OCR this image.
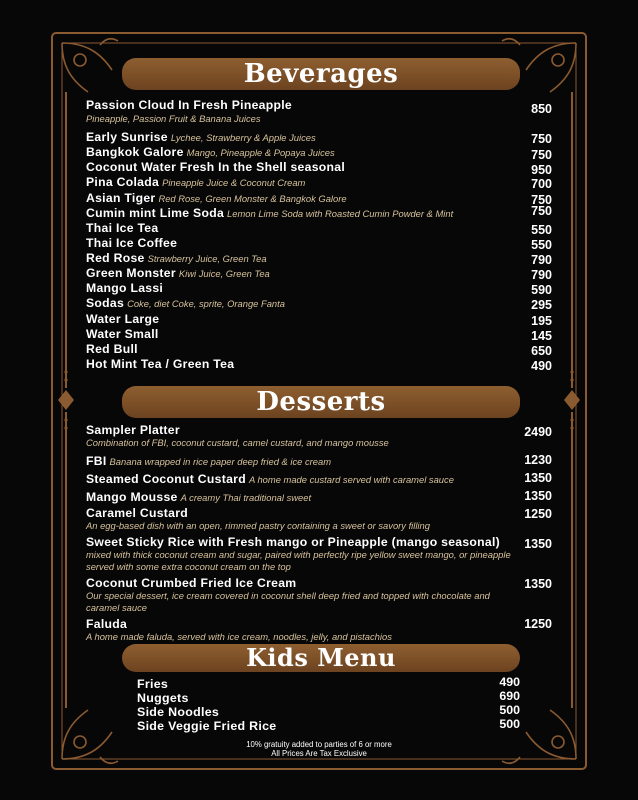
Beverages
Passion Cloud In Fresh Pineapple
Pineapple, Passion Fruit & Banana Juices
850
Early Sunrise Lychee, Strawberry & Apple Juices	750
Bangkok Galore Mango, Pineapple & Popaya Juices	750
Coconut Water Fresh In the Shell seasonal	950
Pina Colada Pineapple Juice & Coconut Cream	700
Asian Tiger Red Rose, Green Monster & Bangkok Galore	750
Cumin mint Lime Soda Lemon Lime Soda with Roasted Cumin Powder & Mint	750
Thai Ice Tea	550
Thai Ice Coffee	550
Red Rose Strawberry Juice, Green Tea	790
Green Monster Kiwi Juice, Green Tea	790
Mango Lassi	590
Sodas Coke, diet Coke, sprite, Orange Fanta	295
Water Large	195
Water Small	145
Red Bull	650
Hot Mint Tea / Green Tea	490
Desserts
Sampler Platter
Combination of FBI, coconut custard, camel custard, and mango mousse
2490
FBI Banana wrapped in rice paper deep fried & ice cream	1230
Steamed Coconut Custard A home made custard served with caramel sauce	1350
Mango Mousse A creamy Thai traditional sweet	1350
Caramel Custard
An egg-based dish with an open, rimmed pastry containing a sweet or savory filling
1250
Sweet Sticky Rice with Fresh mango or Pineapple (mango seasonal)
mixed with thick coconut cream and sugar, paired with perfectly ripe yellow sweet mango, or pineapple served with some extra coconut cream on the top
1350
Coconut Crumbed Fried Ice Cream
Our special dessert, ice cream covered in coconut shell deep fried and topped with chocolate and caramel sauce
1350
Faluda
A home made faluda, served with ice cream, noodles, jelly, and pistachios
1250
Kids Menu
Fries	490
Nuggets	690
Side Noodles	500
Side Veggie Fried Rice	500
10% gratuity added to parties of 6 or more
All Prices Are Tax Exclusive
